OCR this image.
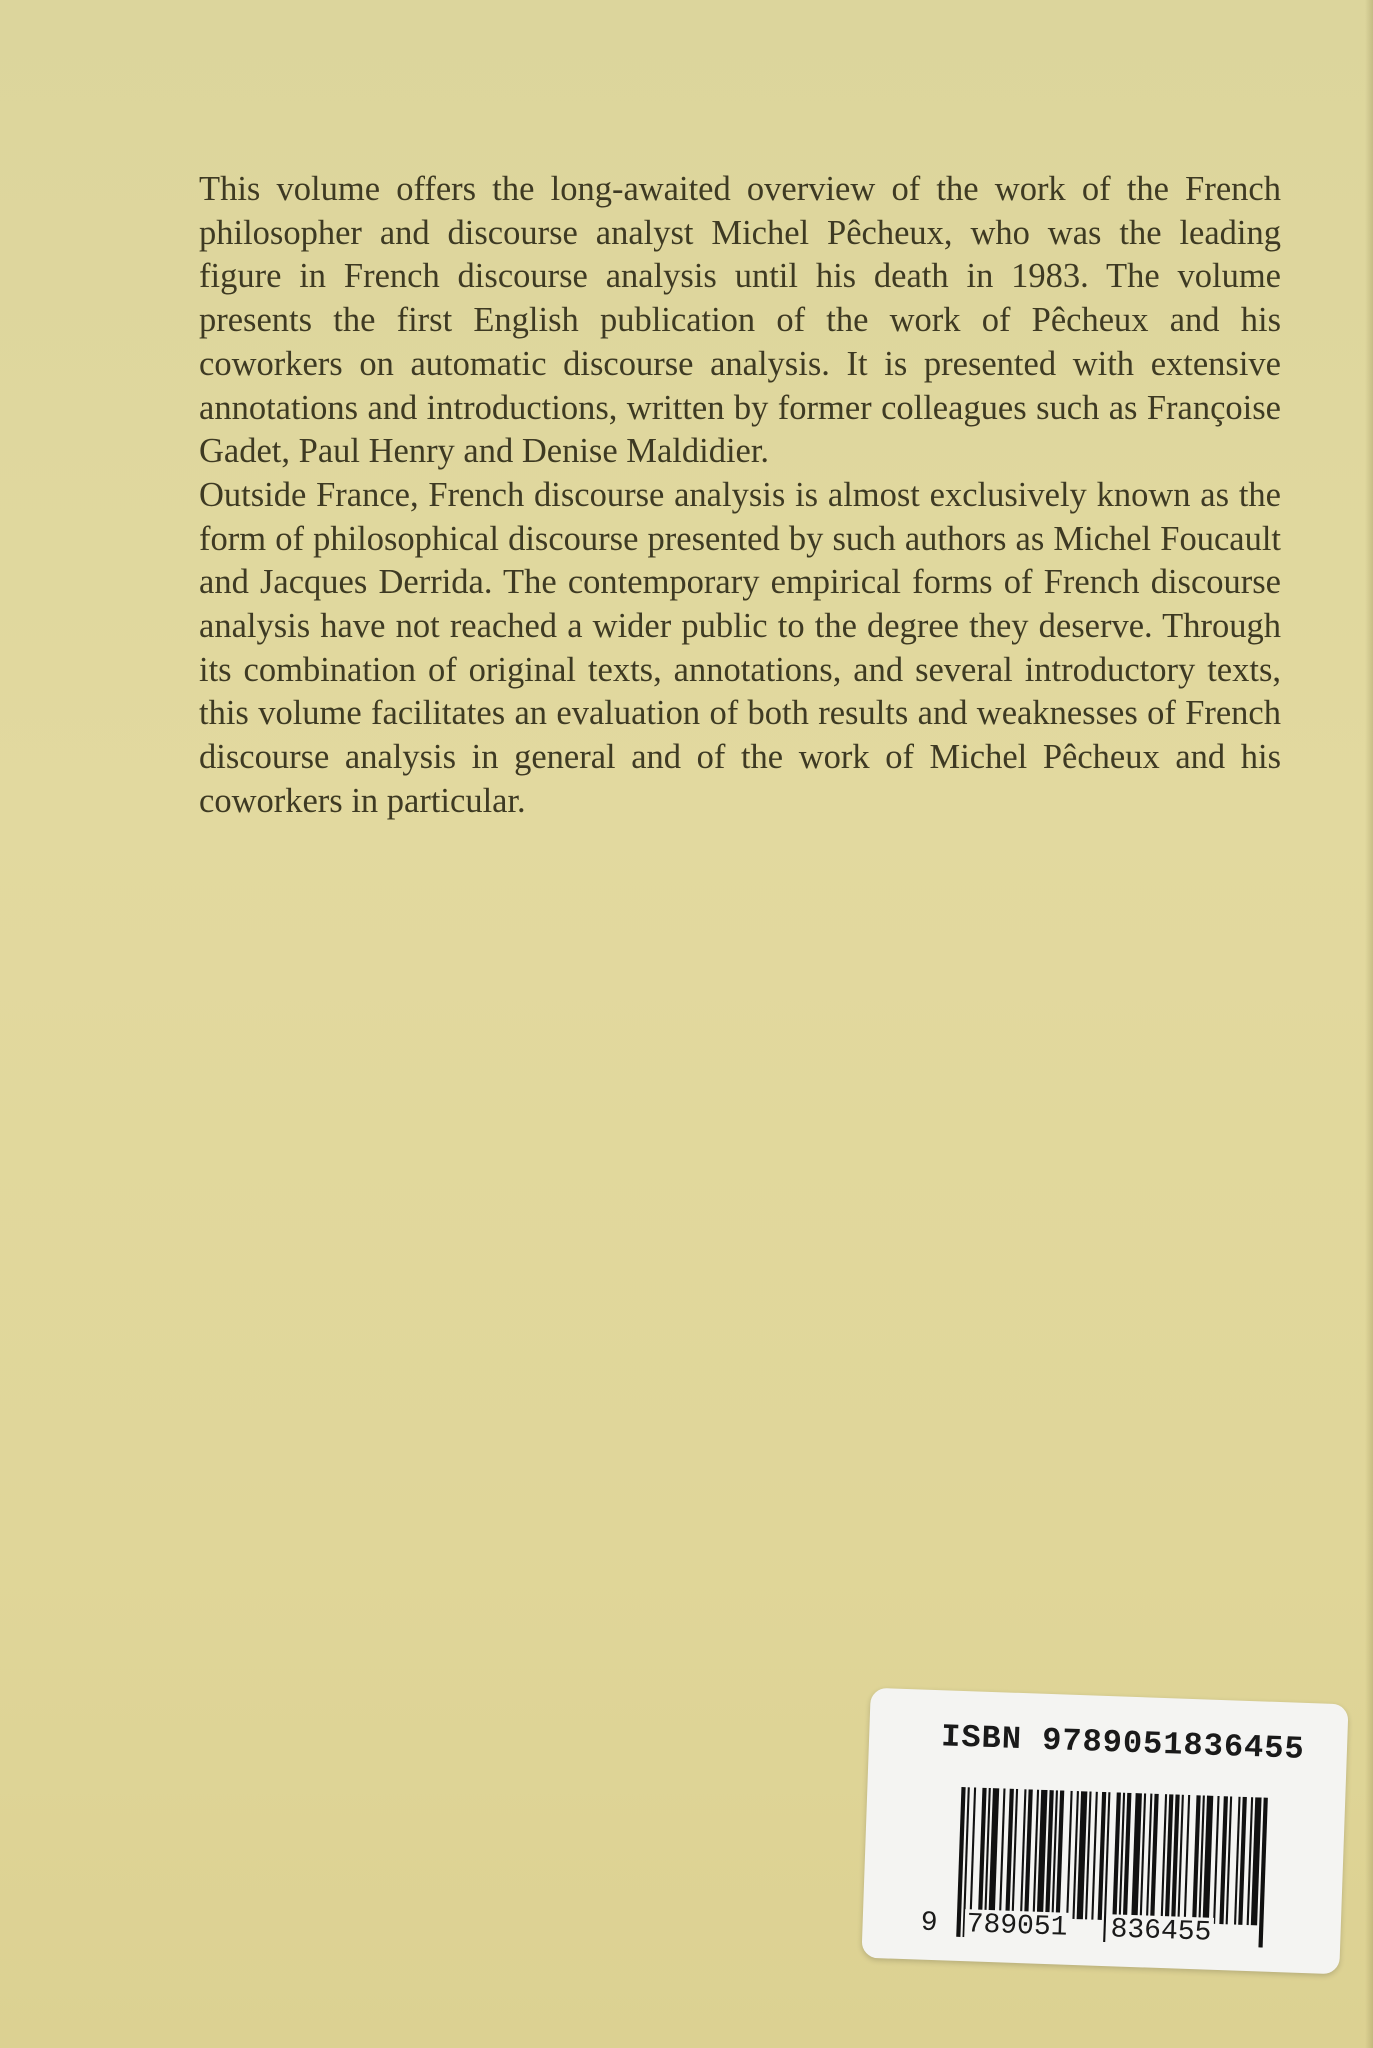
This volume offers the long-awaited overview of the work of the French philosopher and discourse analyst Michel Pêcheux, who was the leading figure in French discourse analysis until his death in 1983. The volume presents the first English publication of the work of Pêcheux and his coworkers on automatic discourse analysis. It is presented with extensive annotations and introductions, written by former colleagues such as Françoise Gadet, Paul Henry and Denise Maldidier.

Outside France, French discourse analysis is almost exclusively known as the form of philosophical discourse presented by such authors as Michel Foucault and Jacques Derrida. The contemporary empirical forms of French discourse analysis have not reached a wider public to the degree they deserve. Through its combination of original texts, annotations, and several introductory texts, this volume facilitates an evaluation of both results and weaknesses of French discourse analysis in general and of the work of Michel Pêcheux and his coworkers in particular.

ISBN 9789051836455
9 789051 836455
